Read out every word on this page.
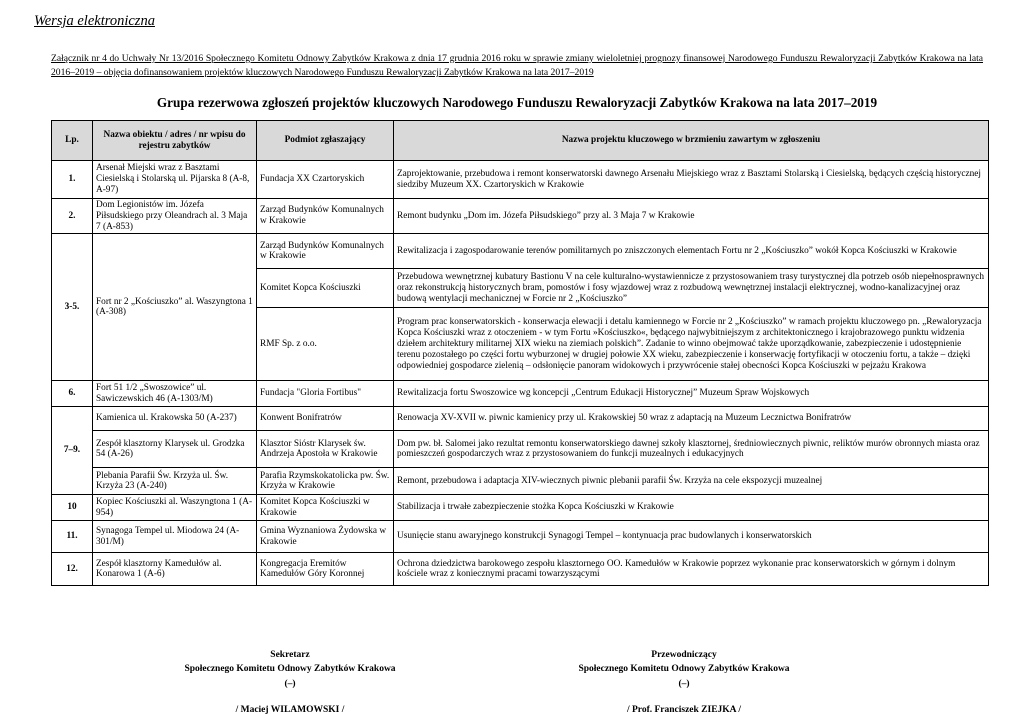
Wersja elektroniczna
Załącznik nr 4 do Uchwały Nr 13/2016 Społecznego Komitetu Odnowy Zabytków Krakowa z dnia 17 grudnia 2016 roku w sprawie zmiany wieloletniej prognozy finansowej Narodowego Funduszu Rewaloryzacji Zabytków Krakowa na lata 2016–2019 – objęcia dofinansowaniem projektów kluczowych Narodowego Funduszu Rewaloryzacji Zabytków Krakowa na lata 2017–2019
Grupa rezerwowa zgłoszeń projektów kluczowych Narodowego Funduszu Rewaloryzacji Zabytków Krakowa na lata 2017–2019
Lp.	Nazwa obiektu / adres / nr wpisu do rejestru zabytków	Podmiot zgłaszający	Nazwa projektu kluczowego w brzmieniu zawartym w zgłoszeniu
1.	Arsenał Miejski wraz z Basztami Ciesielską i Stolarską ul. Pijarska 8 (A-8, A-97)	Fundacja XX Czartoryskich	Zaprojektowanie, przebudowa i remont konserwatorski dawnego Arsenału Miejskiego wraz z Basztami Stolarską i Ciesielską, będących częścią historycznej siedziby Muzeum XX. Czartoryskich w Krakowie
2.	Dom Legionistów im. Józefa Piłsudskiego przy Oleandrach al. 3 Maja 7 (A-853)	Zarząd Budynków Komunalnych w Krakowie	Remont budynku „Dom im. Józefa Piłsudskiego” przy al. 3 Maja 7 w Krakowie
3-5.	Fort nr 2 „Kościuszko” al. Waszyngtona 1 (A-308)	Zarząd Budynków Komunalnych w Krakowie	Rewitalizacja i zagospodarowanie terenów pomilitarnych po zniszczonych elementach Fortu nr 2 „Kościuszko” wokół Kopca Kościuszki w Krakowie
		Komitet Kopca Kościuszki	Przebudowa wewnętrznej kubatury Bastionu V na cele kulturalno-wystawiennicze z przystosowaniem trasy turystycznej dla potrzeb osób niepełnosprawnych oraz rekonstrukcją historycznych bram, pomostów i fosy wjazdowej wraz z rozbudową wewnętrznej instalacji elektrycznej, wodno-kanalizacyjnej oraz budową wentylacji mechanicznej w Forcie nr 2 „Kościuszko”
		RMF Sp. z o.o.	Program prac konserwatorskich - konserwacja elewacji i detalu kamiennego w Forcie nr 2 „Kościuszko” w ramach projektu kluczowego pn. „Rewaloryzacja Kopca Kościuszki wraz z otoczeniem - w tym Fortu »Kościuszko«, będącego najwybitniejszym z architektonicznego i krajobrazowego punktu widzenia dziełem architektury militarnej XIX wieku na ziemiach polskich”. Zadanie to winno obejmować także uporządkowanie, zabezpieczenie i udostępnienie terenu pozostałego po części fortu wyburzonej w drugiej połowie XX wieku, zabezpieczenie i konserwację fortyfikacji w otoczeniu fortu, a także – dzięki odpowiedniej gospodarce zielenią – odsłonięcie panoram widokowych i przywrócenie stałej obecności Kopca Kościuszki w pejzażu Krakowa
6.	Fort 51 1/2 „Swoszowice” ul. Sawiczewskich 46 (A-1303/M)	Fundacja "Gloria Fortibus"	Rewitalizacja fortu Swoszowice wg koncepcji „Centrum Edukacji Historycznej” Muzeum Spraw Wojskowych
7–9.	Kamienica ul. Krakowska 50 (A-237)	Konwent Bonifratrów	Renowacja XV-XVII w. piwnic kamienicy przy ul. Krakowskiej 50 wraz z adaptacją na Muzeum Lecznictwa Bonifratrów
	Zespół klasztorny Klarysek ul. Grodzka 54 (A-26)	Klasztor Sióstr Klarysek św. Andrzeja Apostoła w Krakowie	Dom pw. bł. Salomei jako rezultat remontu konserwatorskiego dawnej szkoły klasztornej, średniowiecznych piwnic, reliktów murów obronnych miasta oraz pomieszczeń gospodarczych wraz z przystosowaniem do funkcji muzealnych i edukacyjnych
	Plebania Parafii Św. Krzyża ul. Św. Krzyża 23 (A-240)	Parafia Rzymskokatolicka pw. Św. Krzyża w Krakowie	Remont, przebudowa i adaptacja XIV-wiecznych piwnic plebanii parafii Św. Krzyża na cele ekspozycji muzealnej
10	Kopiec Kościuszki al. Waszyngtona 1 (A-954)	Komitet Kopca Kościuszki w Krakowie	Stabilizacja i trwałe zabezpieczenie stożka Kopca Kościuszki w Krakowie
11.	Synagoga Tempel ul. Miodowa 24 (A-301/M)	Gmina Wyznaniowa Żydowska w Krakowie	Usunięcie stanu awaryjnego konstrukcji Synagogi Tempel – kontynuacja prac budowlanych i konserwatorskich
12.	Zespół klasztorny Kamedułów al. Konarowa 1 (A-6)	Kongregacja Eremitów Kamedułów Góry Koronnej	Ochrona dziedzictwa barokowego zespołu klasztornego OO. Kamedułów w Krakowie poprzez wykonanie prac konserwatorskich w górnym i dolnym kościele wraz z koniecznymi pracami towarzyszącymi
Sekretarz
Społecznego Komitetu Odnowy Zabytków Krakowa
(–)
/ Maciej WILAMOWSKI /
Przewodniczący
Społecznego Komitetu Odnowy Zabytków Krakowa
(–)
/ Prof. Franciszek ZIEJKA /
